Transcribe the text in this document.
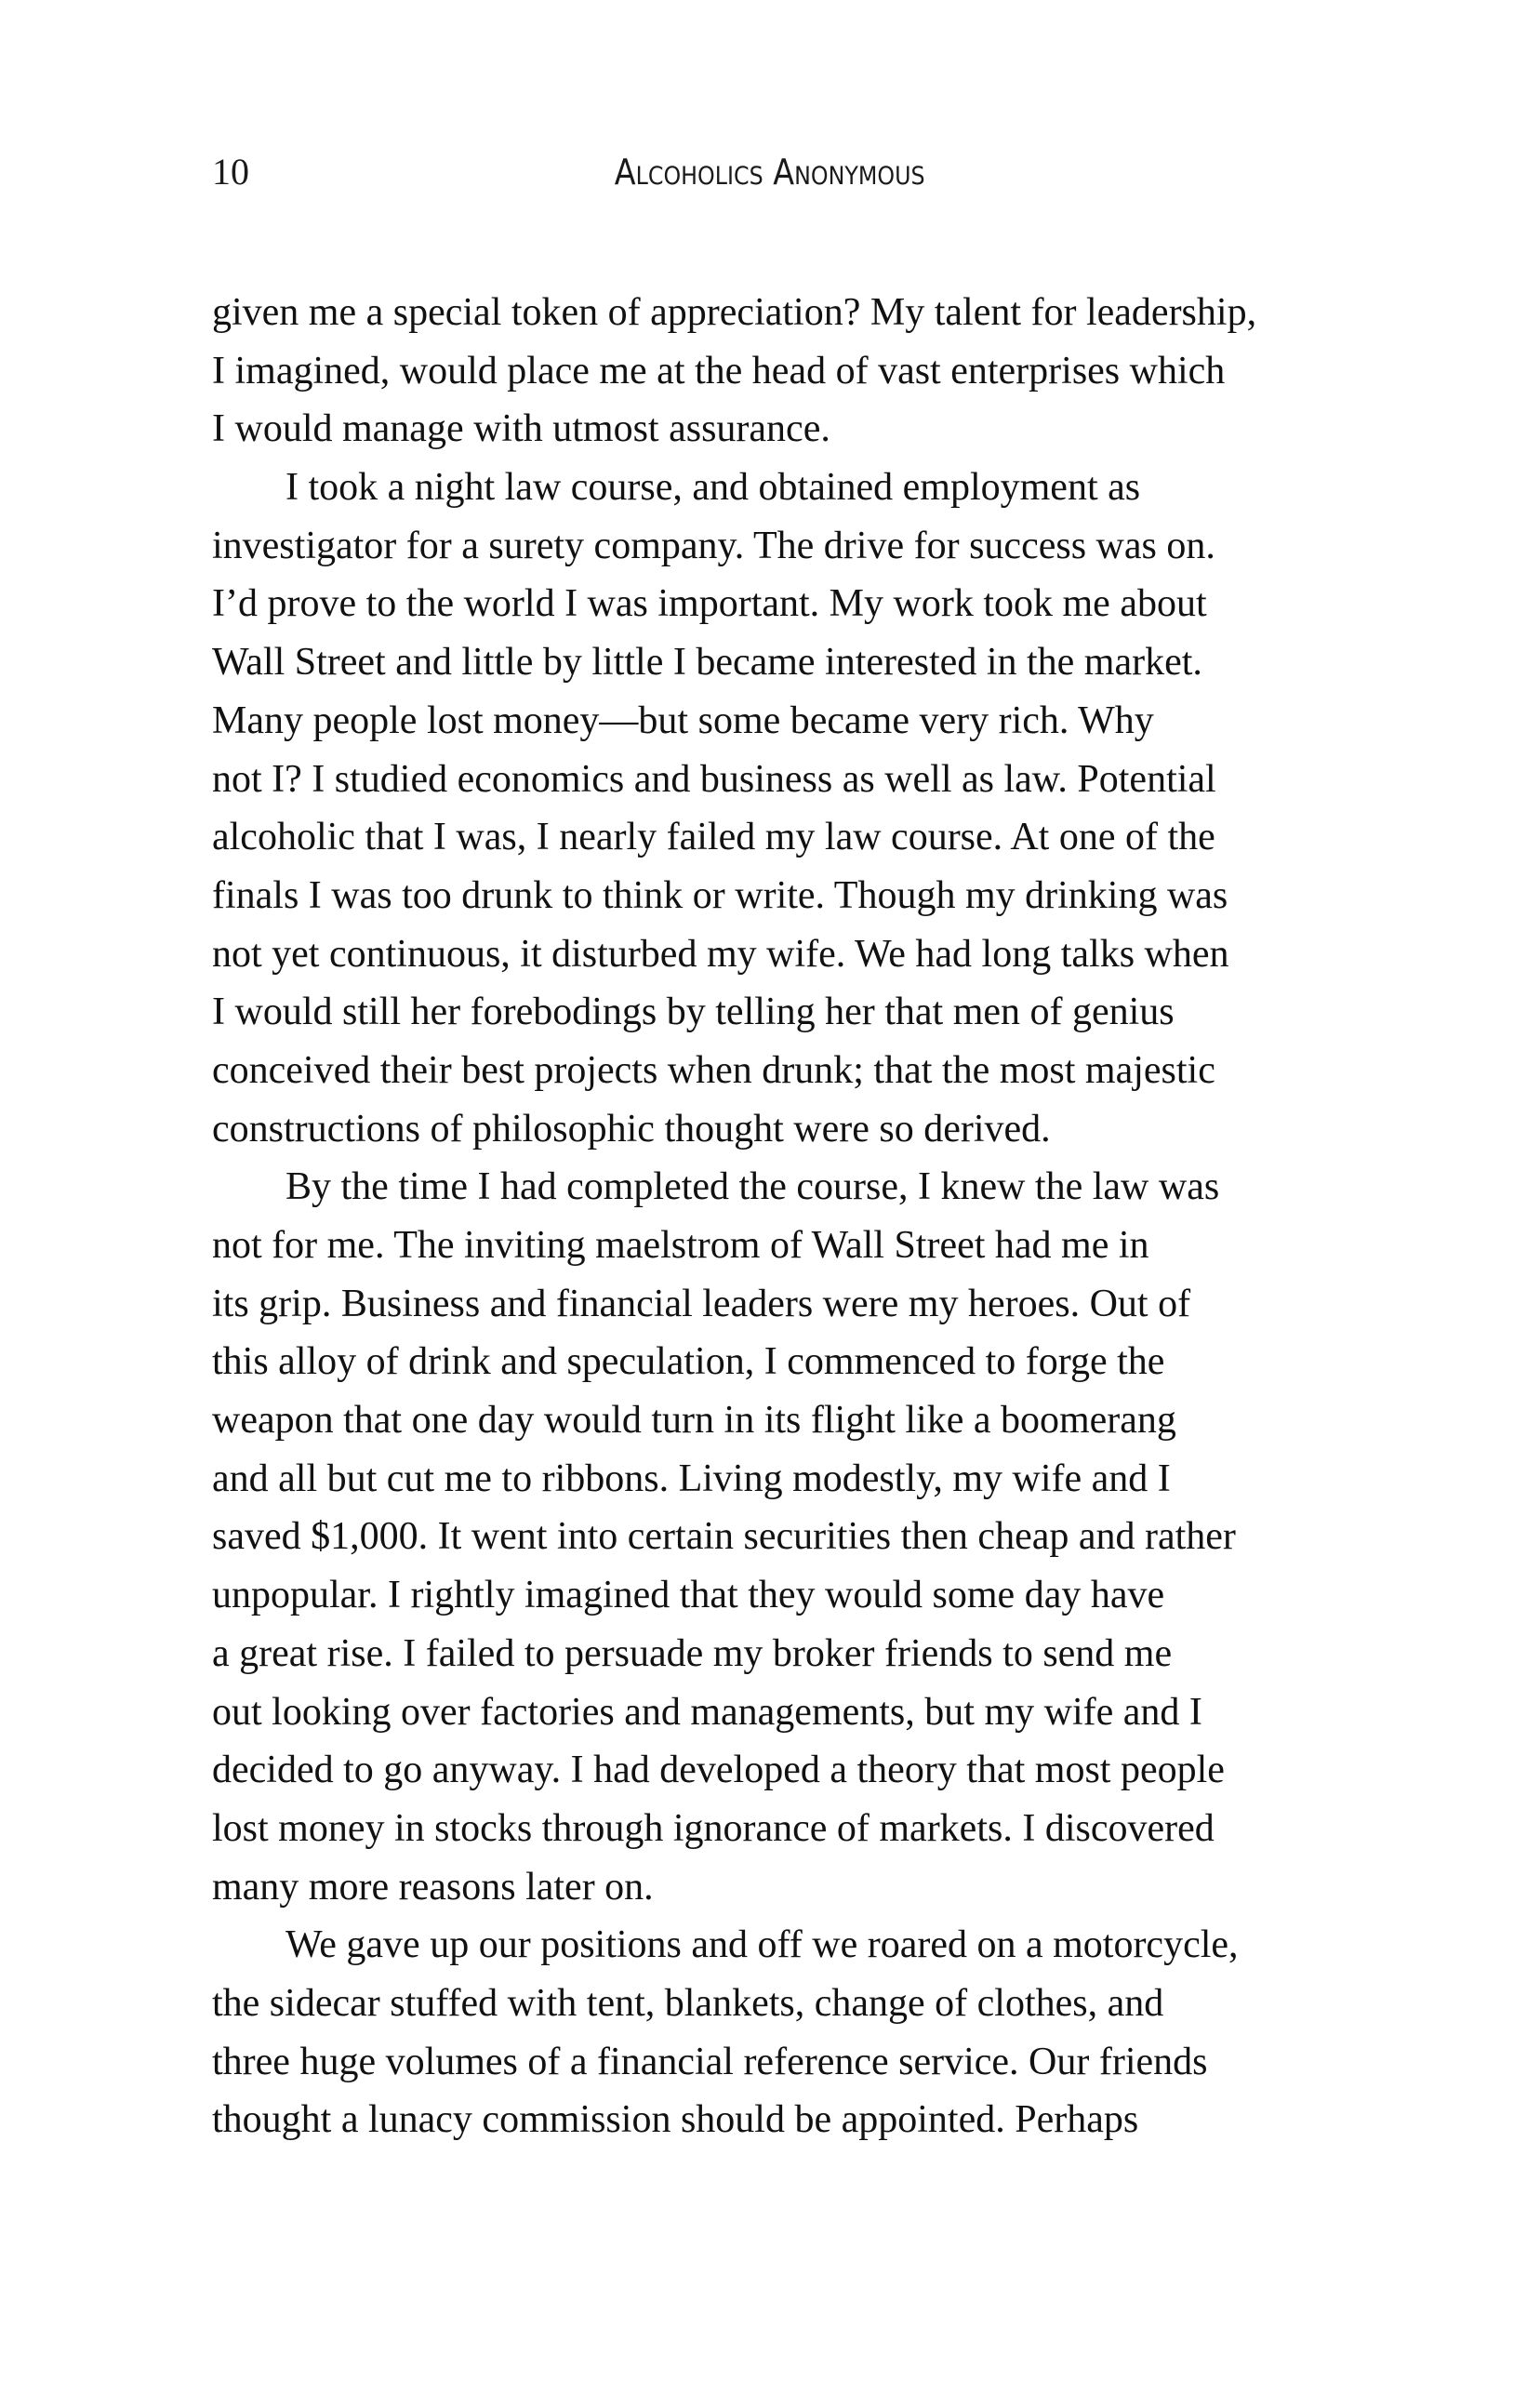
10	Alcoholics Anonymous
given me a special token of appreciation? My talent for leadership,
I imagined, would place me at the head of vast enterprises which
I would manage with utmost assurance.
I took a night law course, and obtained employment as
investigator for a surety company. The drive for success was on.
I’d prove to the world I was important. My work took me about
Wall Street and little by little I became interested in the market.
Many people lost money—but some became very rich. Why
not I? I studied economics and business as well as law. Potential
alcoholic that I was, I nearly failed my law course. At one of the
finals I was too drunk to think or write. Though my drinking was
not yet continuous, it disturbed my wife. We had long talks when
I would still her forebodings by telling her that men of genius
conceived their best projects when drunk; that the most majestic
constructions of philosophic thought were so derived.
By the time I had completed the course, I knew the law was
not for me. The inviting maelstrom of Wall Street had me in
its grip. Business and financial leaders were my heroes. Out of
this alloy of drink and speculation, I commenced to forge the
weapon that one day would turn in its flight like a boomerang
and all but cut me to ribbons. Living modestly, my wife and I
saved $1,000. It went into certain securities then cheap and rather
unpopular. I rightly imagined that they would some day have
a great rise. I failed to persuade my broker friends to send me
out looking over factories and managements, but my wife and I
decided to go anyway. I had developed a theory that most people
lost money in stocks through ignorance of markets. I discovered
many more reasons later on.
We gave up our positions and off we roared on a motorcycle,
the sidecar stuffed with tent, blankets, change of clothes, and
three huge volumes of a financial reference service. Our friends
thought a lunacy commission should be appointed. Perhaps
